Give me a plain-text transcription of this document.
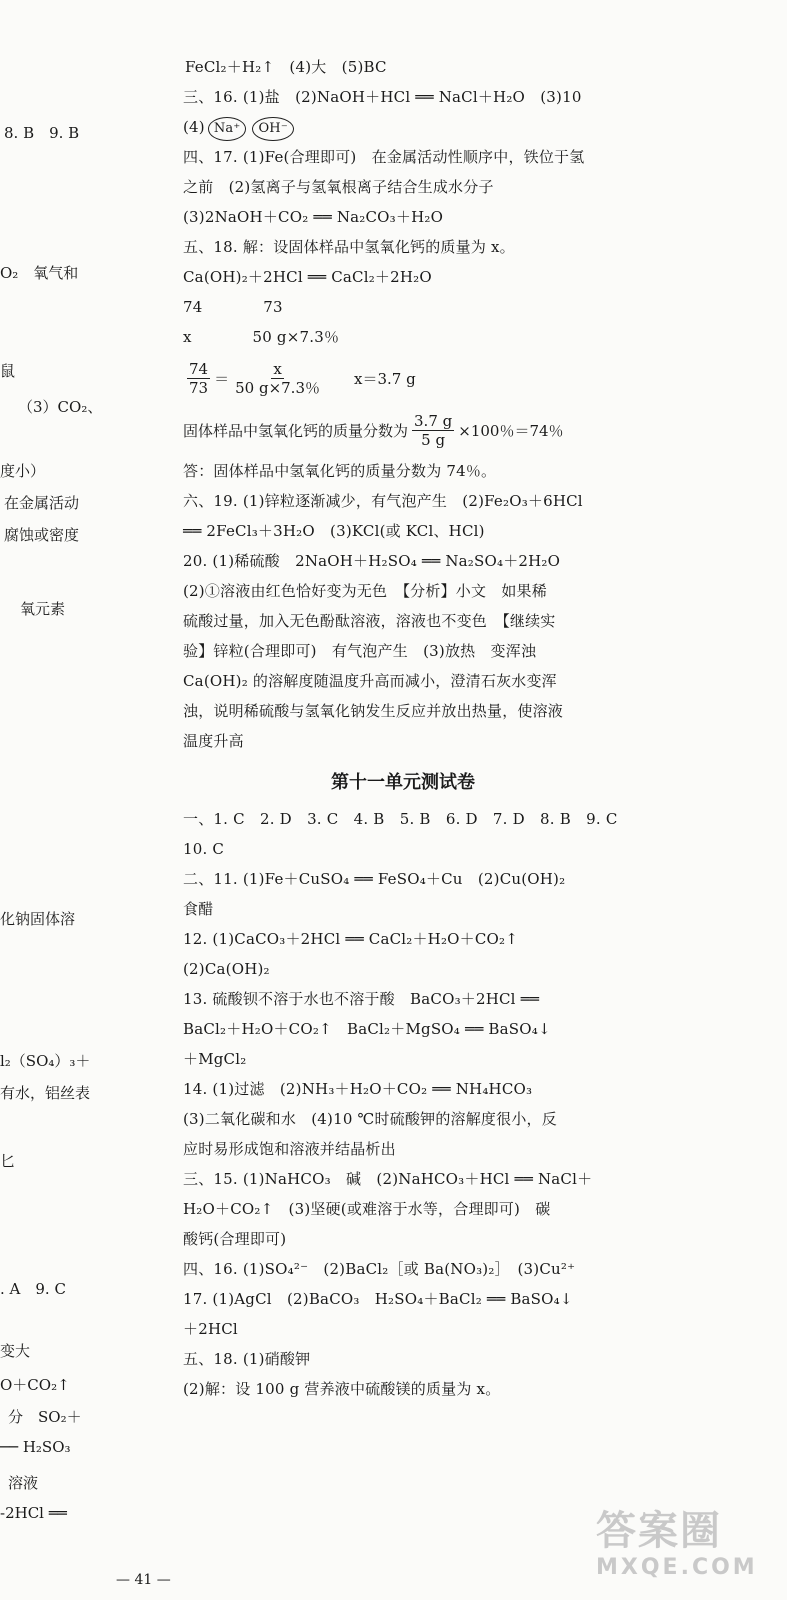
8. B　9. B
O₂　氧气和
鼠
（3）CO₂、
度小）
在金属活动
腐蚀或密度
氧元素
化钠固体溶
l₂（SO₄）₃＋
有水，铝丝表
匕
. A　9. C
变大
O＋CO₂↑
分　SO₂＋
── H₂SO₃
溶液
-2HCl ══
FeCl₂＋H₂↑　(4)大　(5)BC
三、16. (1)盐　(2)NaOH＋HCl ══ NaCl＋H₂O　(3)10
(4) Na⁺ OH⁻
四、17. (1)Fe(合理即可)　在金属活动性顺序中，铁位于氢
之前　(2)氢离子与氢氧根离子结合生成水分子
(3)2NaOH＋CO₂ ══ Na₂CO₃＋H₂O
五、18. 解：设固体样品中氢氧化钙的质量为 x。
Ca(OH)₂＋2HCl ══ CaCl₂＋2H₂O
74　　　　73
x　　　　50 g×7.3％
$\frac{74}{73} = \frac{x}{50 g\times 7.3\%} x=3.7$ g
固体样品中氢氧化钙的质量分数为 $\frac{3.7 g}{5 g} \times 100$％＝74％
答：固体样品中氢氧化钙的质量分数为 74％。
六、19. (1)锌粒逐渐减少，有气泡产生　(2)Fe₂O₃＋6HCl
══ 2FeCl₃＋3H₂O　(3)KCl(或 KCl、HCl)
20. (1)稀硫酸　2NaOH＋H₂SO₄ ══ Na₂SO₄＋2H₂O
(2)①溶液由红色恰好变为无色　【分析】小文　如果稀
硫酸过量，加入无色酚酞溶液，溶液也不变色　【继续实
验】锌粒(合理即可)　有气泡产生　(3)放热　变浑浊
Ca(OH)₂ 的溶解度随温度升高而减小，澄清石灰水变浑
浊，说明稀硫酸与氢氧化钠发生反应并放出热量，使溶液
温度升高
第十一单元测试卷
一、1. C　2. D　3. C　4. B　5. B　6. D　7. D　8. B　9. C
10. C
二、11. (1)Fe＋CuSO₄ ══ FeSO₄＋Cu　(2)Cu(OH)₂
食醋
12. (1)CaCO₃＋2HCl ══ CaCl₂＋H₂O＋CO₂↑
(2)Ca(OH)₂
13. 硫酸钡不溶于水也不溶于酸　BaCO₃＋2HCl ══
BaCl₂＋H₂O＋CO₂↑　BaCl₂＋MgSO₄ ══ BaSO₄↓
＋MgCl₂
14. (1)过滤　(2)NH₃＋H₂O＋CO₂ ══ NH₄HCO₃
(3)二氧化碳和水　(4)10 ℃时硫酸钾的溶解度很小，反
应时易形成饱和溶液并结晶析出
三、15. (1)NaHCO₃　碱　(2)NaHCO₃＋HCl ══ NaCl＋
H₂O＋CO₂↑　(3)坚硬(或难溶于水等，合理即可)　碳
酸钙(合理即可)
四、16. (1)SO₄²⁻　(2)BaCl₂［或 Ba(NO₃)₂］　(3)Cu²⁺
17. (1)AgCl　(2)BaCO₃　H₂SO₄＋BaCl₂ ══ BaSO₄↓
＋2HCl
五、18. (1)硝酸钾
(2)解：设 100 g 营养液中硫酸镁的质量为 x。
— 41 —
答案圈
MXQE.COM
